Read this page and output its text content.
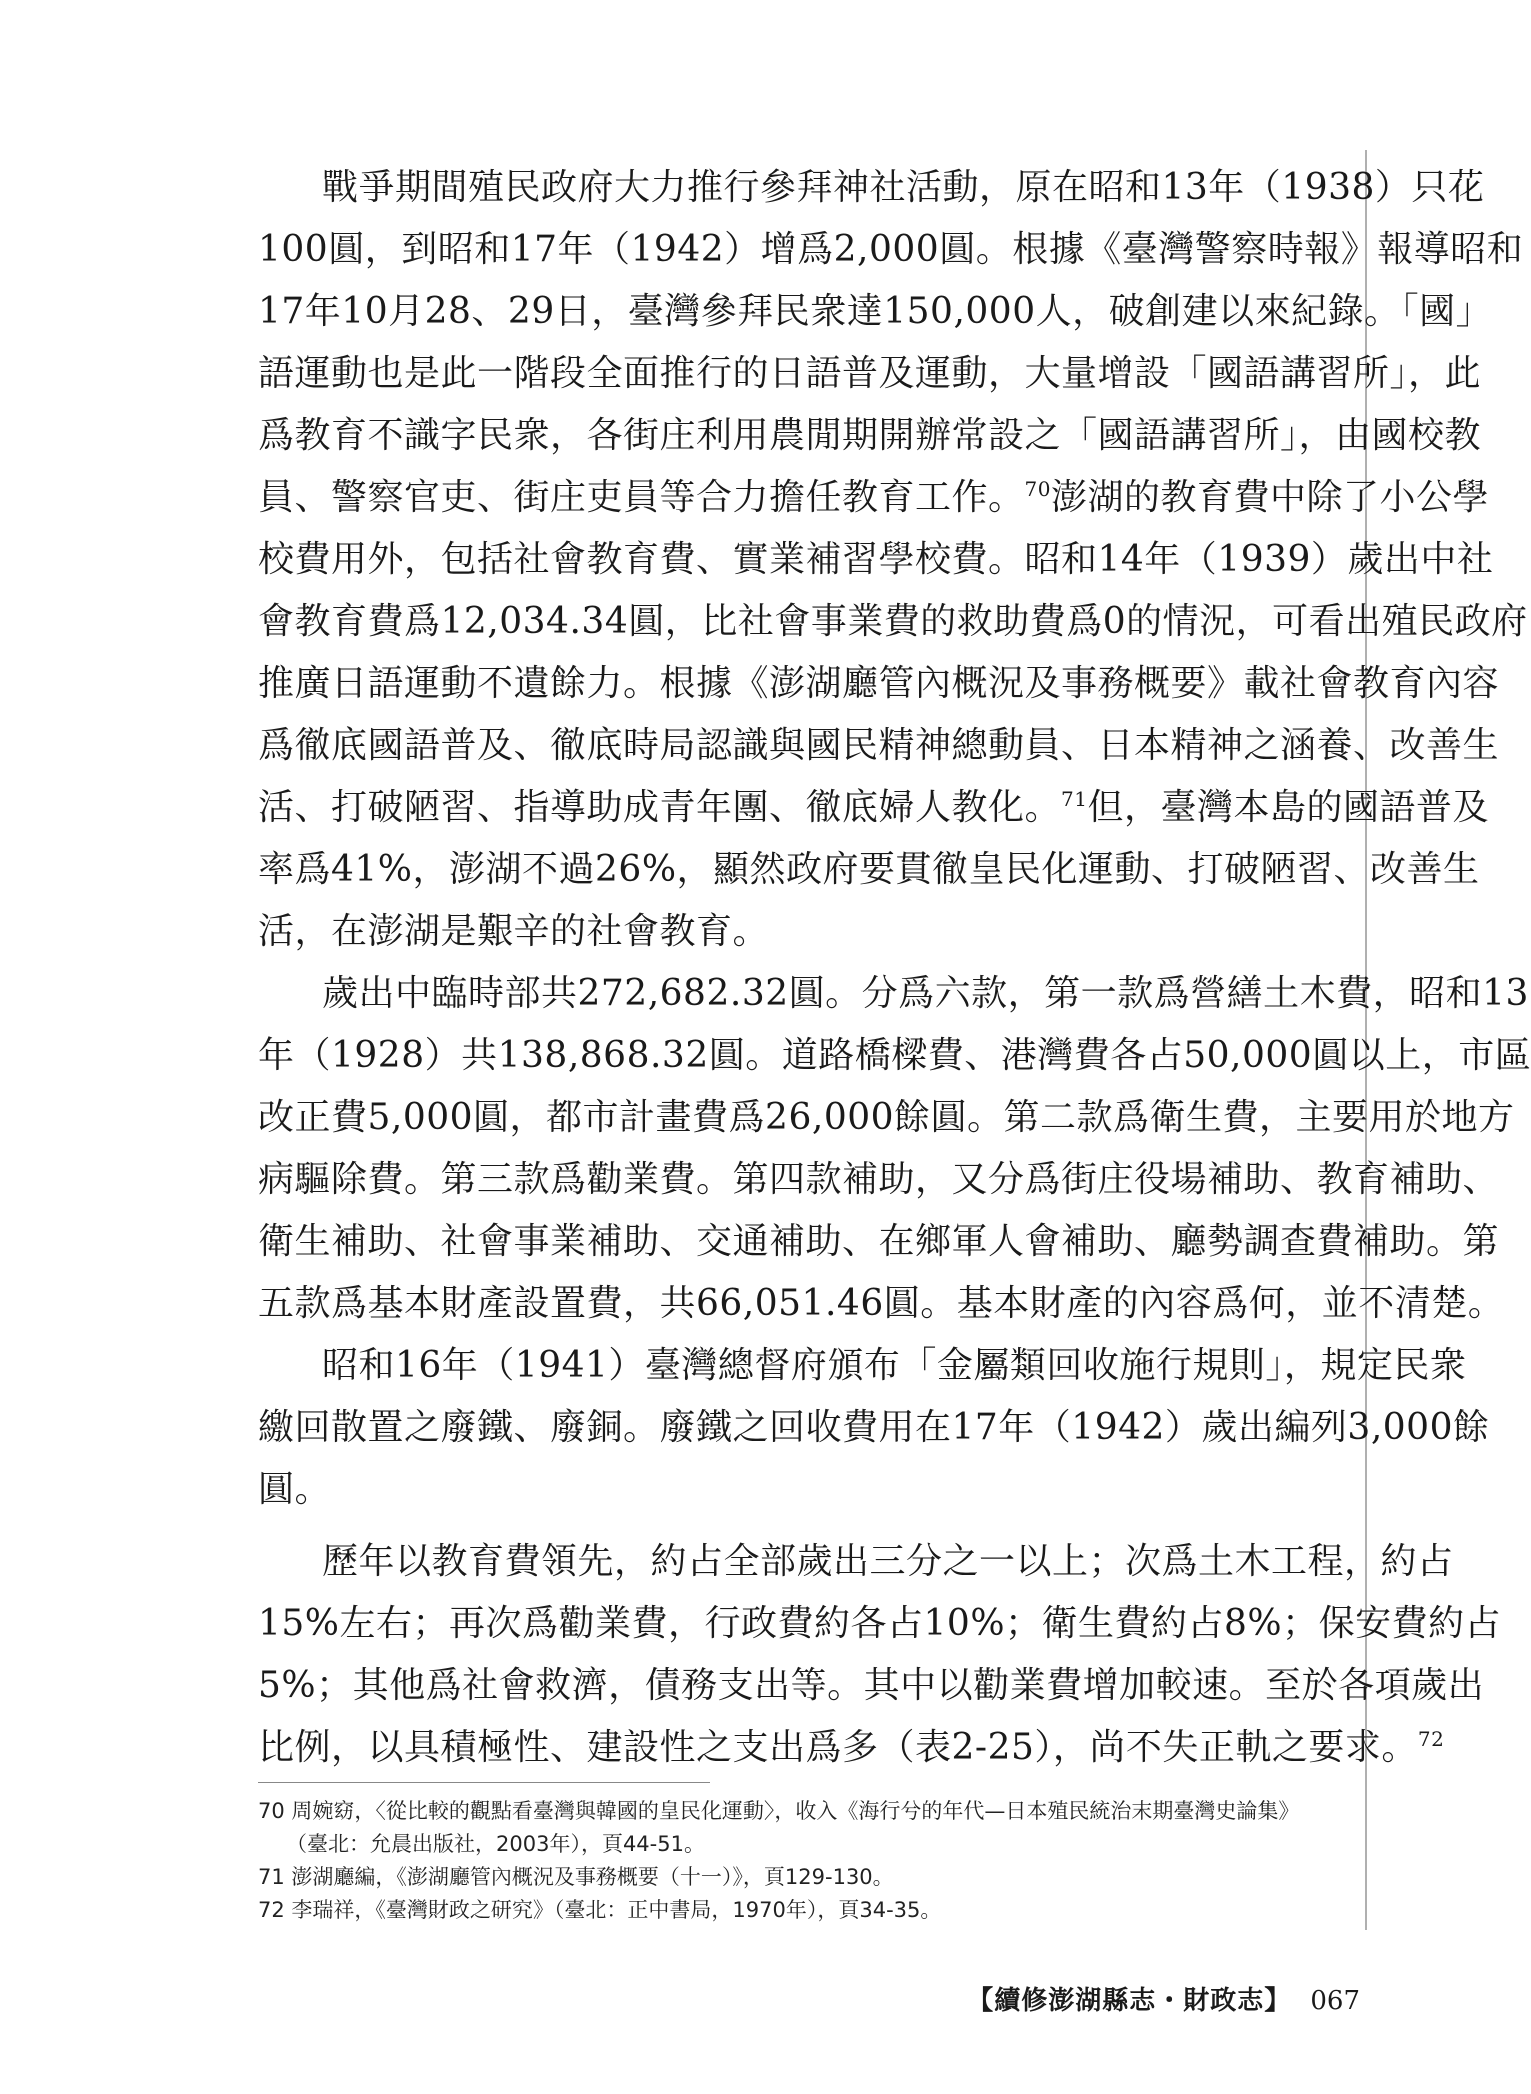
戰爭期間殖民政府大力推行參拜神社活動，原在昭和13年（1938）只花
100圓，到昭和17年（1942）增爲2,000圓。根據《臺灣警察時報》報導昭和
17年10月28、29日，臺灣參拜民衆達150,000人，破創建以來紀錄。「國」
語運動也是此一階段全面推行的日語普及運動，大量增設「國語講習所」，此
爲教育不識字民衆，各街庄利用農閒期開辦常設之「國語講習所」，由國校教
員、警察官吏、街庄吏員等合力擔任教育工作。$^{70}$澎湖的教育費中除了小公學
校費用外，包括社會教育費、實業補習學校費。昭和14年（1939）歲出中社
會教育費爲12,034.34圓，比社會事業費的救助費爲0的情況，可看出殖民政府
推廣日語運動不遺餘力。根據《澎湖廳管內概況及事務概要》載社會教育內容
爲徹底國語普及、徹底時局認識與國民精神總動員、日本精神之涵養、改善生
活、打破陋習、指導助成青年團、徹底婦人教化。$^{71}$但，臺灣本島的國語普及
率爲41%，澎湖不過26%，顯然政府要貫徹皇民化運動、打破陋習、改善生
活，在澎湖是艱辛的社會教育。
歲出中臨時部共272,682.32圓。分爲六款，第一款爲營繕土木費，昭和13
年（1928）共138,868.32圓。道路橋樑費、港灣費各占50,000圓以上，市區
改正費5,000圓，都市計畫費爲26,000餘圓。第二款爲衛生費，主要用於地方
病驅除費。第三款爲勸業費。第四款補助，又分爲街庄役場補助、教育補助、
衛生補助、社會事業補助、交通補助、在鄉軍人會補助、廳勢調查費補助。第
五款爲基本財產設置費，共66,051.46圓。基本財產的內容爲何，並不清楚。
昭和16年（1941）臺灣總督府頒布「金屬類回收施行規則」，規定民衆
繳回散置之廢鐵、廢銅。廢鐵之回收費用在17年（1942）歲出編列3,000餘
圓。
歷年以教育費領先，約占全部歲出三分之一以上；次爲土木工程，約占
15%左右；再次爲勸業費，行政費約各占10%；衛生費約占8%；保安費約占
5%；其他爲社會救濟，債務支出等。其中以勸業費增加較速。至於各項歲出
比例，以具積極性、建設性之支出爲多（表2-25），尚不失正軌之要求。$^{72}$
70 周婉窈，〈從比較的觀點看臺灣與韓國的皇民化運動〉，收入《海行兮的年代—日本殖民統治末期臺灣史論集》
（臺北：允晨出版社，2003年），頁44-51。
71 澎湖廳編，《澎湖廳管內概況及事務概要（十一）》，頁129-130。
72 李瑞祥，《臺灣財政之研究》（臺北：正中書局，1970年），頁34-35。
【續修澎湖縣志・財政志】 067
